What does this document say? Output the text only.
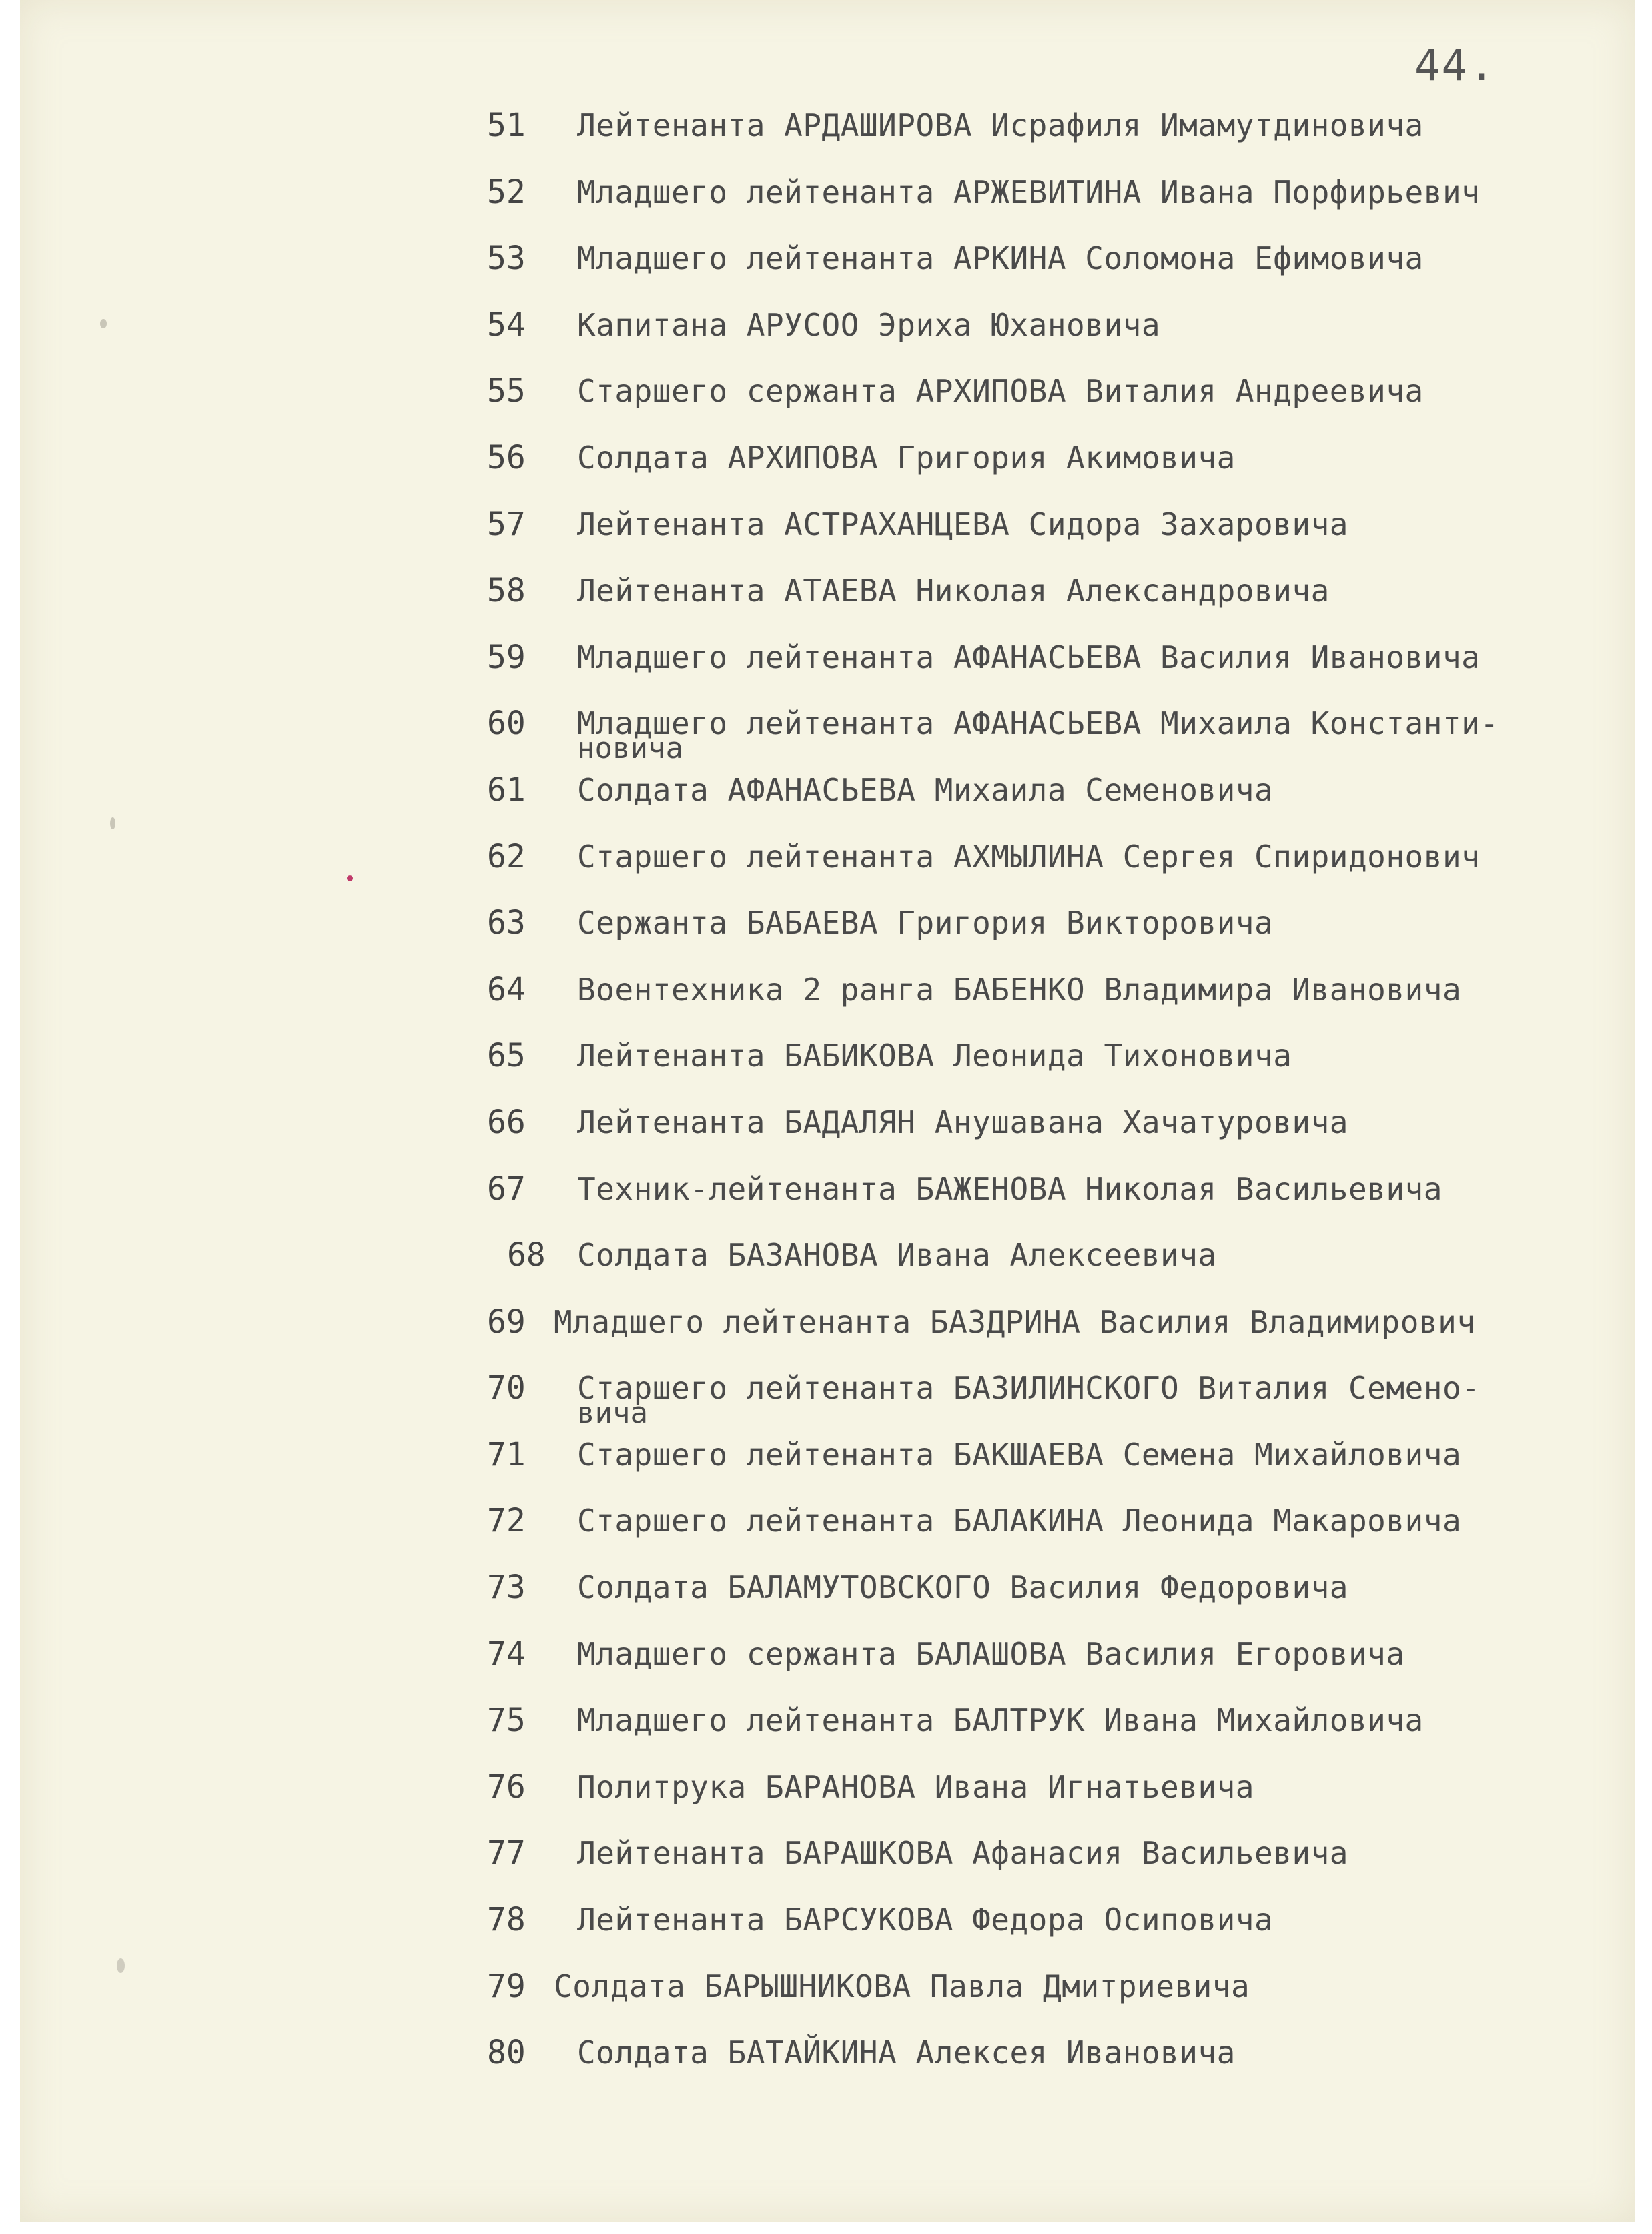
44.
51	Лейтенанта АРДАШИРОВА Исрафиля Имамутдиновича
52	Младшего лейтенанта АРЖЕВИТИНА Ивана Порфирьевич
53	Младшего лейтенанта АРКИНА Соломона Ефимовича
54	Капитана АРУСОО Эриха Юхановича
55	Старшего сержанта АРХИПОВА Виталия Андреевича
56	Солдата АРХИПОВА Григория Акимовича
57	Лейтенанта АСТРАХАНЦЕВА Сидора Захаровича
58	Лейтенанта АТАЕВА Николая Александровича
59	Младшего лейтенанта АФАНАСЬЕВА Василия Ивановича
60	Младшего лейтенанта АФАНАСЬЕВА Михаила Константи-
новича
61	Солдата АФАНАСЬЕВА Михаила Семеновича
62	Старшего лейтенанта АХМЫЛИНА Сергея Спиридонович
63	Сержанта БАБАЕВА Григория Викторовича
64	Воентехника 2 ранга БАБЕНКО Владимира Ивановича
65	Лейтенанта БАБИКОВА Леонида Тихоновича
66	Лейтенанта БАДАЛЯН Анушавана Хачатуровича
67	Техник-лейтенанта БАЖЕНОВА Николая Васильевича
68	Солдата БАЗАНОВА Ивана Алексеевича
69 Младшего лейтенанта БАЗДРИНА Василия Владимирович
70	Старшего лейтенанта БАЗИЛИНСКОГО Виталия Семено-
вича
71	Старшего лейтенанта БАКШАЕВА Семена Михайловича
72	Старшего лейтенанта БАЛАКИНА Леонида Макаровича
73	Солдата БАЛАМУТОВСКОГО Василия Федоровича
74	Младшего сержанта БАЛАШОВА Василия Егоровича
75	Младшего лейтенанта БАЛТРУК Ивана Михайловича
76	Политрука БАРАНОВА Ивана Игнатьевича
77	Лейтенанта БАРАШКОВА Афанасия Васильевича
78	Лейтенанта БАРСУКОВА Федора Осиповича
79 Солдата БАРЫШНИКОВА Павла Дмитриевича
80	Солдата БАТАЙКИНА Алексея Ивановича
